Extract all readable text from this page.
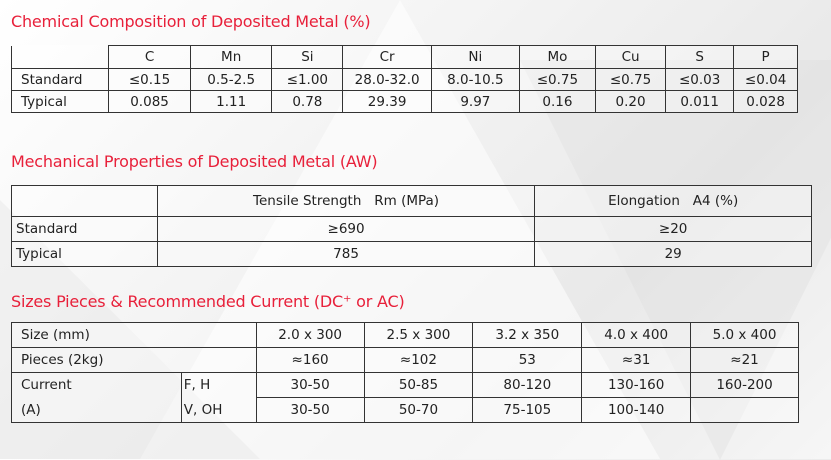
Chemical Composition of Deposited Metal (%)
	C	Mn	Si	Cr	Ni	Mo	Cu	S	P
Standard	≤0.15	0.5-2.5	≤1.00	28.0-32.0	8.0-10.5	≤0.75	≤0.75	≤0.03	≤0.04
Typical	0.085	1.11	0.78	29.39	9.97	0.16	0.20	0.011	0.028
Mechanical Properties of Deposited Metal (AW)
	Tensile Strength   Rm (MPa)	Elongation   A4 (%)
Standard	≥690	≥20
Typical	785	29
Sizes Pieces & Recommended Current (DC⁺ or AC)
Size (mm)		2.0 x 300	2.5 x 300	3.2 x 350	4.0 x 400	5.0 x 400
Pieces (2kg)		≈160	≈102	53	≈31	≈21
Current	F, H	30-50	50-85	80-120	130-160	160-200
(A)	V, OH	30-50	50-70	75-105	100-140	
